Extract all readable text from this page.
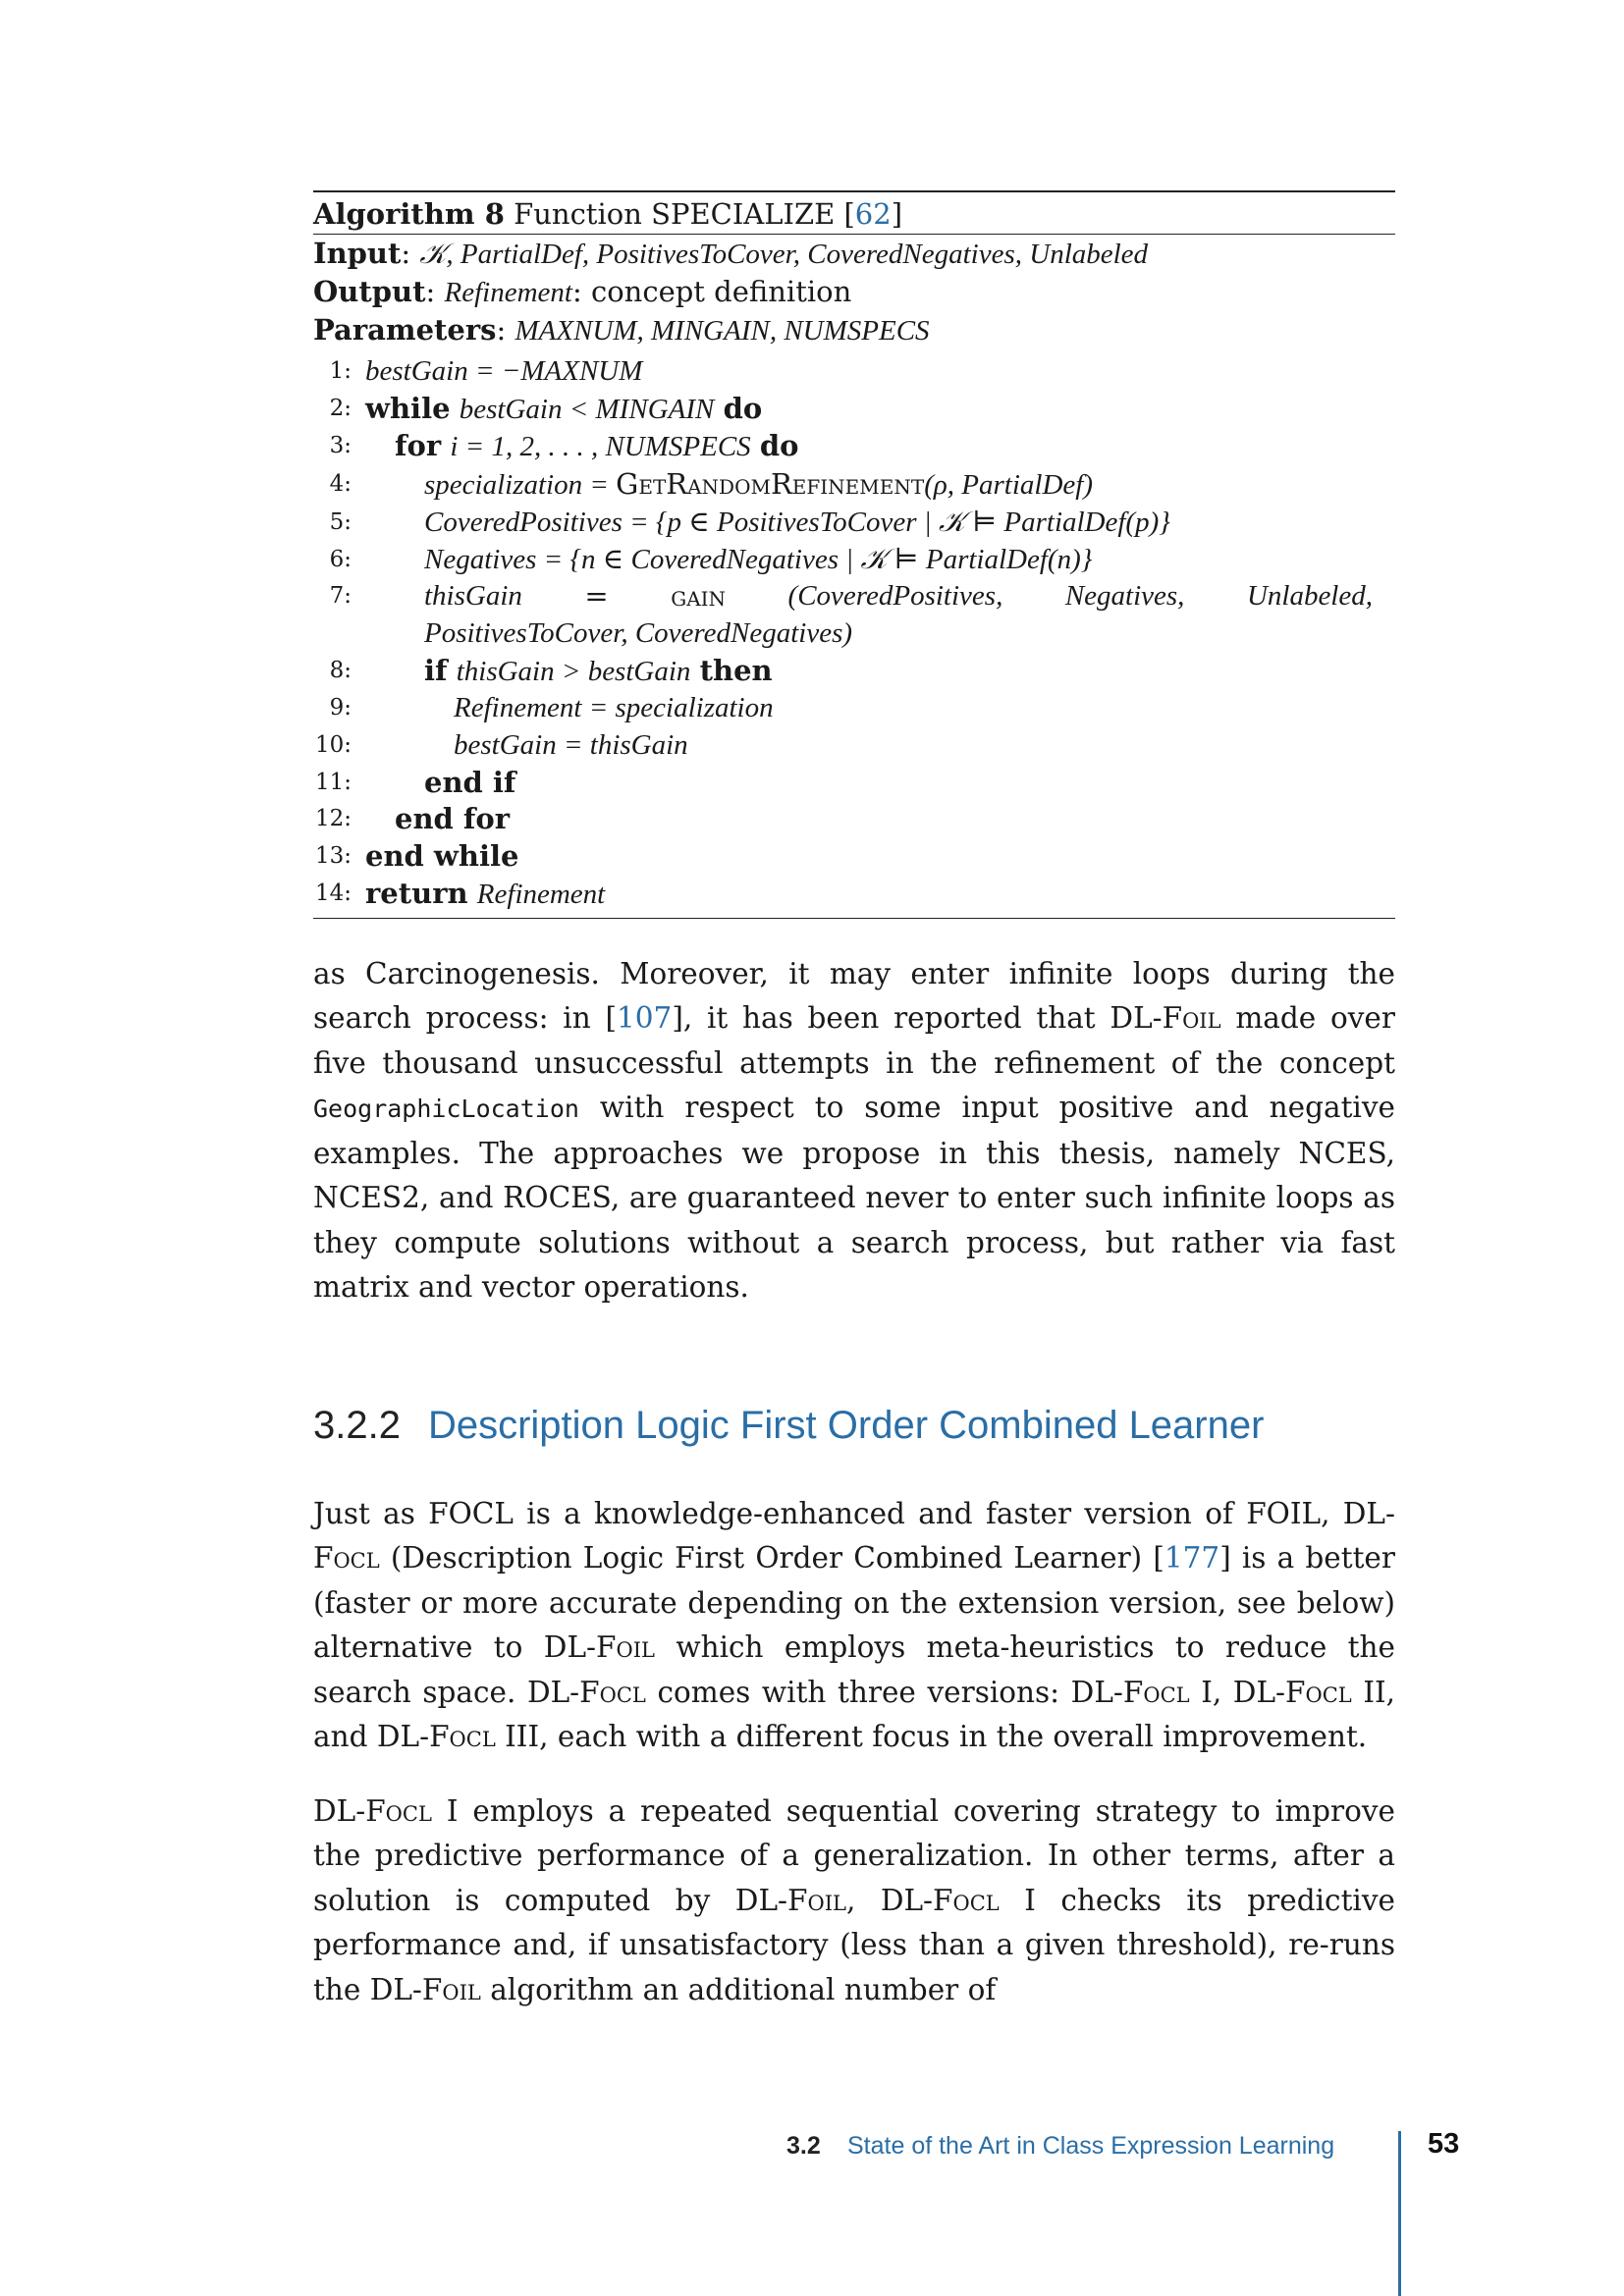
Algorithm 8 Function SPECIALIZE [62]
Input: 𝒦, PartialDef, PositivesToCover, CoveredNegatives, Unlabeled
Output: Refinement: concept definition
Parameters: MAXNUM, MINGAIN, NUMSPECS
1: bestGain = −MAXNUM
2: while bestGain < MINGAIN do
3:	for i = 1, 2, . . . , NUMSPECS do
4:	specialization = GetRandomRefinement(ρ, PartialDef)
5:	CoveredPositives = {p ∈ PositivesToCover | 𝒦 ⊨ PartialDef(p)}
6:	Negatives = {n ∈ CoveredNegatives | 𝒦 ⊨ PartialDef(n)}
7:	thisGain = gain (CoveredPositives, Negatives, Unlabeled,
PositivesToCover, CoveredNegatives)
8:	if thisGain > bestGain then
9:	Refinement = specialization
10:	bestGain = thisGain
11:	end if
12:	end for
13: end while
14: return Refinement

as Carcinogenesis. Moreover, it may enter infinite loops during the search process: in [107], it has been reported that DL-Foil made over five thousand unsuccessful attempts in the refinement of the concept GeographicLocation with respect to some input positive and negative examples. The approaches we propose in this thesis, namely NCES, NCES2, and ROCES, are guaranteed never to enter such infinite loops as they compute solutions without a search process, but rather via fast matrix and vector operations.

3.2.2 Description Logic First Order Combined Learner

Just as FOCL is a knowledge-enhanced and faster version of FOIL, DL-Focl (Description Logic First Order Combined Learner) [177] is a better (faster or more accurate depending on the extension version, see below) alternative to DL-Foil which employs meta-heuristics to reduce the search space. DL-Focl comes with three versions: DL-Focl I, DL-Focl II, and DL-Focl III, each with a different focus in the overall improvement.

DL-Focl I employs a repeated sequential covering strategy to improve the predictive performance of a generalization. In other terms, after a solution is computed by DL-Foil, DL-Focl I checks its predictive performance and, if unsatisfactory (less than a given threshold), re-runs the DL-Foil algorithm an additional number of

3.2 State of the Art in Class Expression Learning	53
